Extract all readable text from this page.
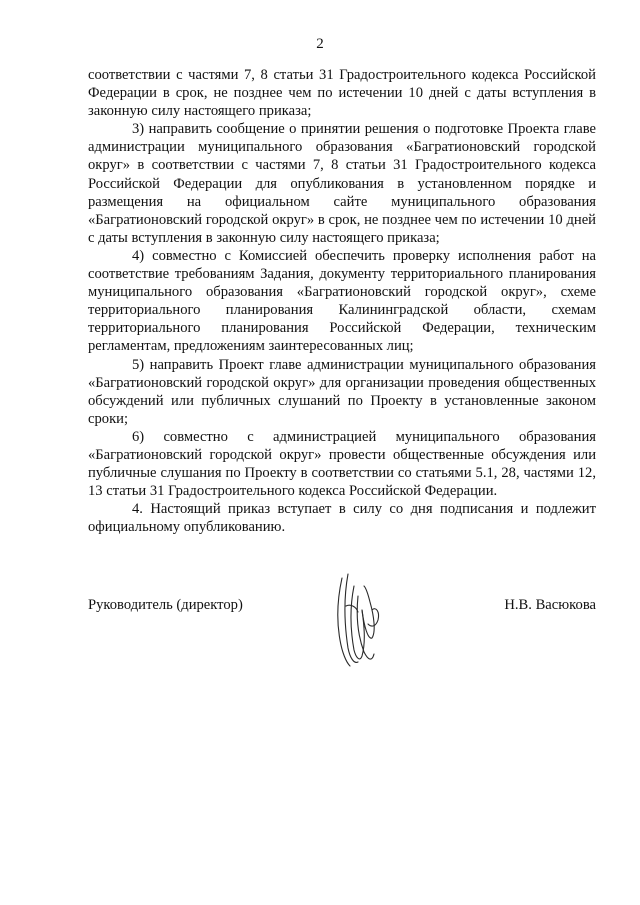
2

соответствии с частями 7, 8 статьи 31 Градостроительного кодекса Российской Федерации в срок, не позднее чем по истечении 10 дней с даты вступления в законную силу настоящего приказа;

3) направить сообщение о принятии решения о подготовке Проекта главе администрации муниципального образования «Багратионовский городской округ» в соответствии с частями 7, 8 статьи 31 Градостроительного кодекса Российской Федерации для опубликования в установленном порядке и размещения на официальном сайте муниципального образования «Багратионовский городской округ» в срок, не позднее чем по истечении 10 дней с даты вступления в законную силу настоящего приказа;

4) совместно с Комиссией обеспечить проверку исполнения работ на соответствие требованиям Задания, документу территориального планирования муниципального образования «Багратионовский городской округ», схеме территориального планирования Калининградской области, схемам территориального планирования Российской Федерации, техническим регламентам, предложениям заинтересованных лиц;

5) направить Проект главе администрации муниципального образования «Багратионовский городской округ» для организации проведения общественных обсуждений или публичных слушаний по Проекту в установленные законом сроки;

6) совместно с администрацией муниципального образования «Багратионовский городской округ» провести общественные обсуждения или публичные слушания по Проекту в соответствии со статьями 5.1, 28, частями 12, 13 статьи 31 Градостроительного кодекса Российской Федерации.

4. Настоящий приказ вступает в силу со дня подписания и подлежит официальному опубликованию.

Руководитель (директор)	Н.В. Васюкова
